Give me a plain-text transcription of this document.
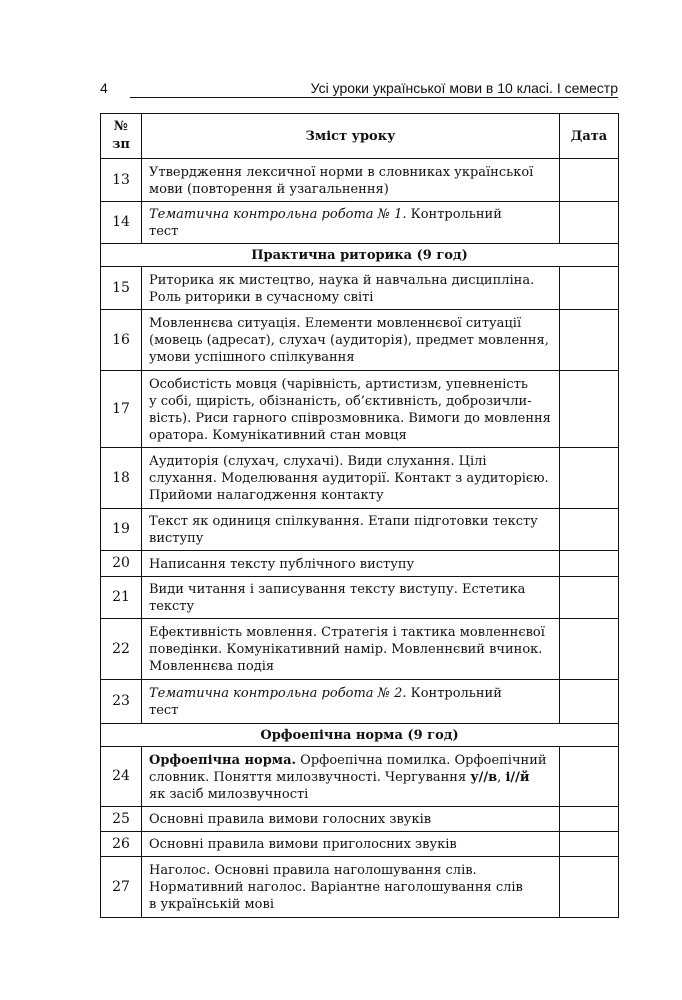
4	Усі уроки української мови в 10 класі. І семестр
№
зп	Зміст уроку	Дата
13	Утвердження лексичної норми в словниках української
мови (повторення й узагальнення)	
14	Тематична контрольна робота № 1. Контрольний
тест	
Практична риторика (9 год)		
15	Риторика як мистецтво, наука й навчальна дисципліна.
Роль риторики в сучасному світі	
16	Мовленнєва ситуація. Елементи мовленнєвої ситуації
(мовець (адресат), слухач (аудиторія), предмет мовлення,
умови успішного спілкування	
17	Особистість мовця (чарівність, артистизм, упевненість
у собі, щирість, обізнаність, об’єктивність, доброзичли-
вість). Риси гарного співрозмовника. Вимоги до мовлення
оратора. Комунікативний стан мовця	
18	Аудиторія (слухач, слухачі). Види слухання. Цілі
слухання. Моделювання аудиторії. Контакт з аудиторією.
Прийоми налагодження контакту	
19	Текст як одиниця спілкування. Етапи підготовки тексту
виступу	
20	Написання тексту публічного виступу	
21	Види читання і записування тексту виступу. Естетика
тексту	
22	Ефективність мовлення. Стратегія і тактика мовленнєвої
поведінки. Комунікативний намір. Мовленнєвий вчинок.
Мовленнєва подія	
23	Тематична контрольна робота № 2. Контрольний
тест	
Орфоепічна норма (9 год)		
24	Орфоепічна норма. Орфоепічна помилка. Орфоепічний
словник. Поняття милозвучності. Чергування у//в, і//й
як засіб милозвучності	
25	Основні правила вимови голосних звуків	
26	Основні правила вимови приголосних звуків	
27	Наголос. Основні правила наголошування слів.
Нормативний наголос. Варіантне наголошування слів
в українській мові	
